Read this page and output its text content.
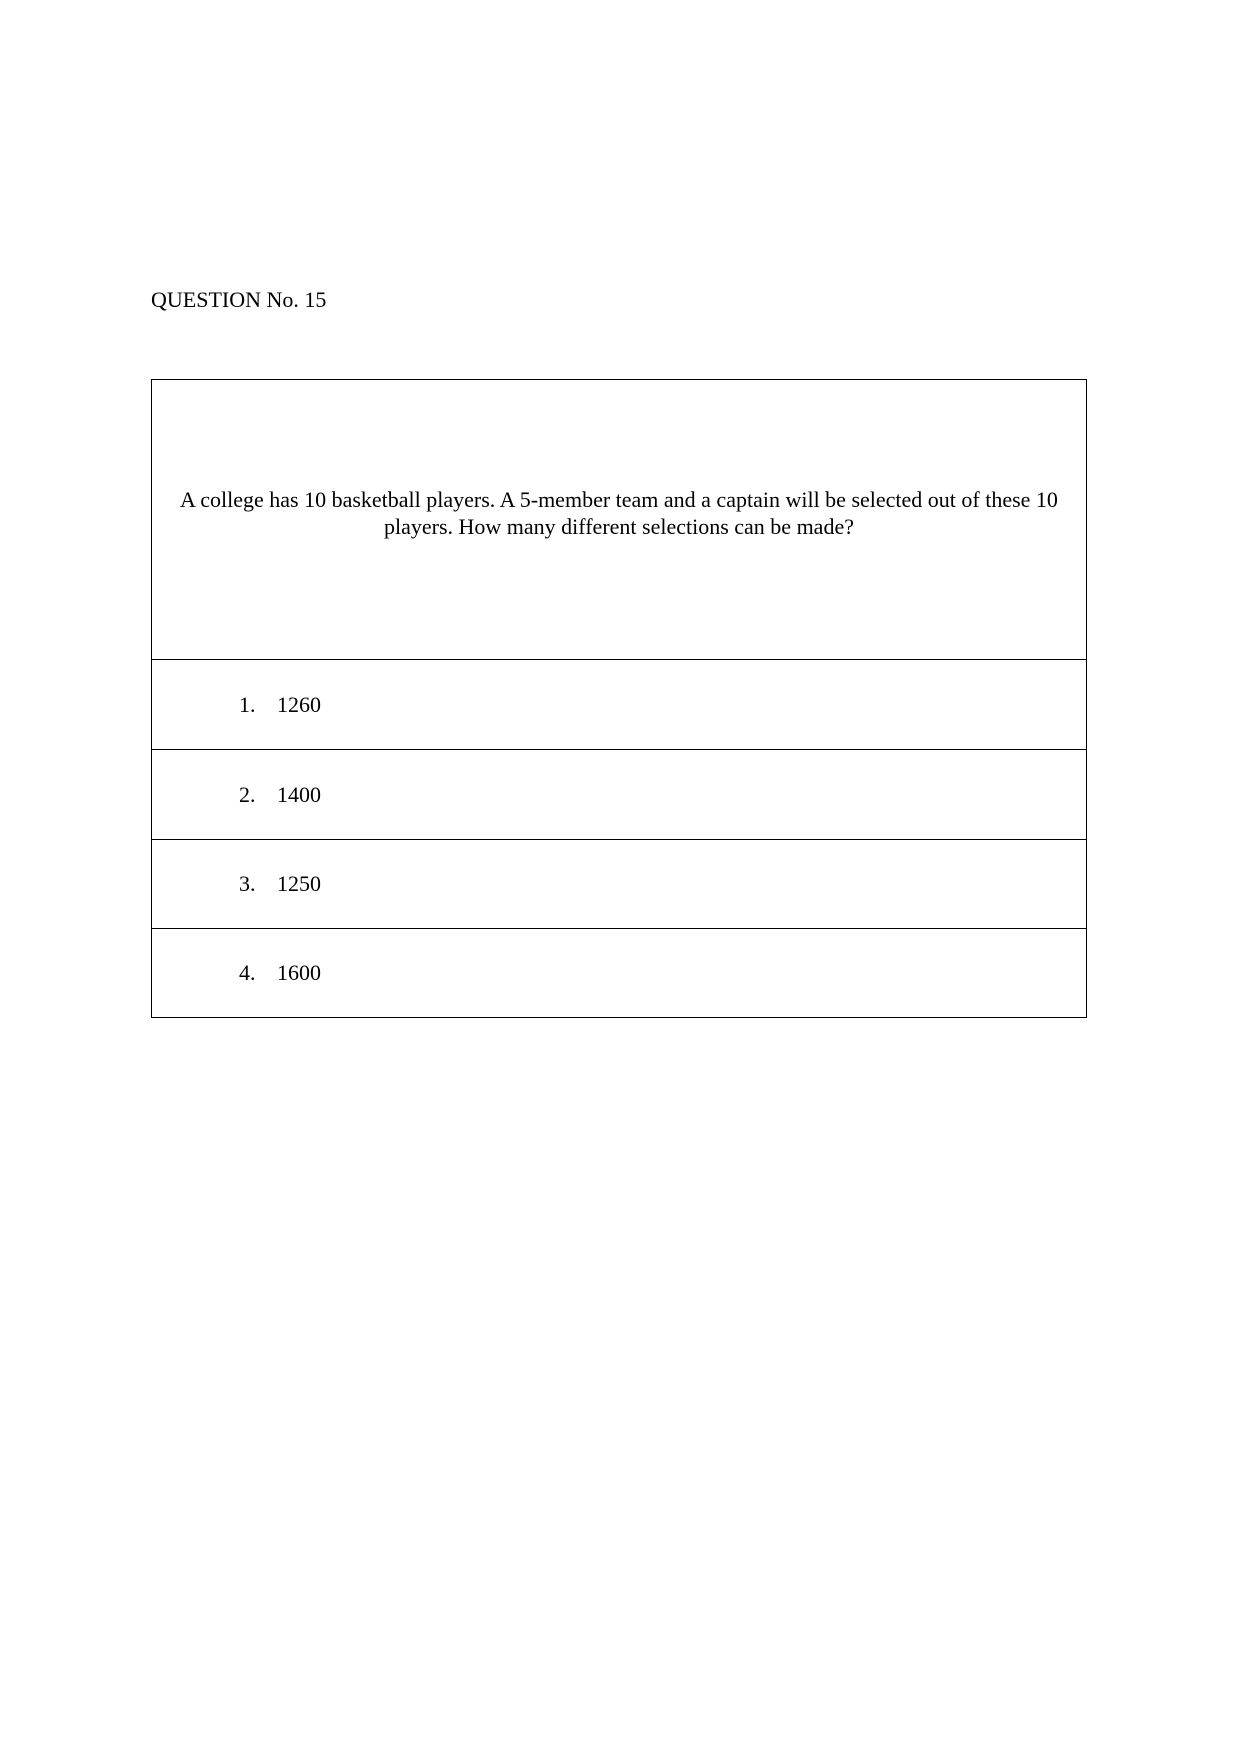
QUESTION No. 15
A college has 10 basketball players. A 5-member team and a captain will be selected out of these 10 players. How many different selections can be made?

1. 1260

2. 1400

3. 1250

4. 1600
